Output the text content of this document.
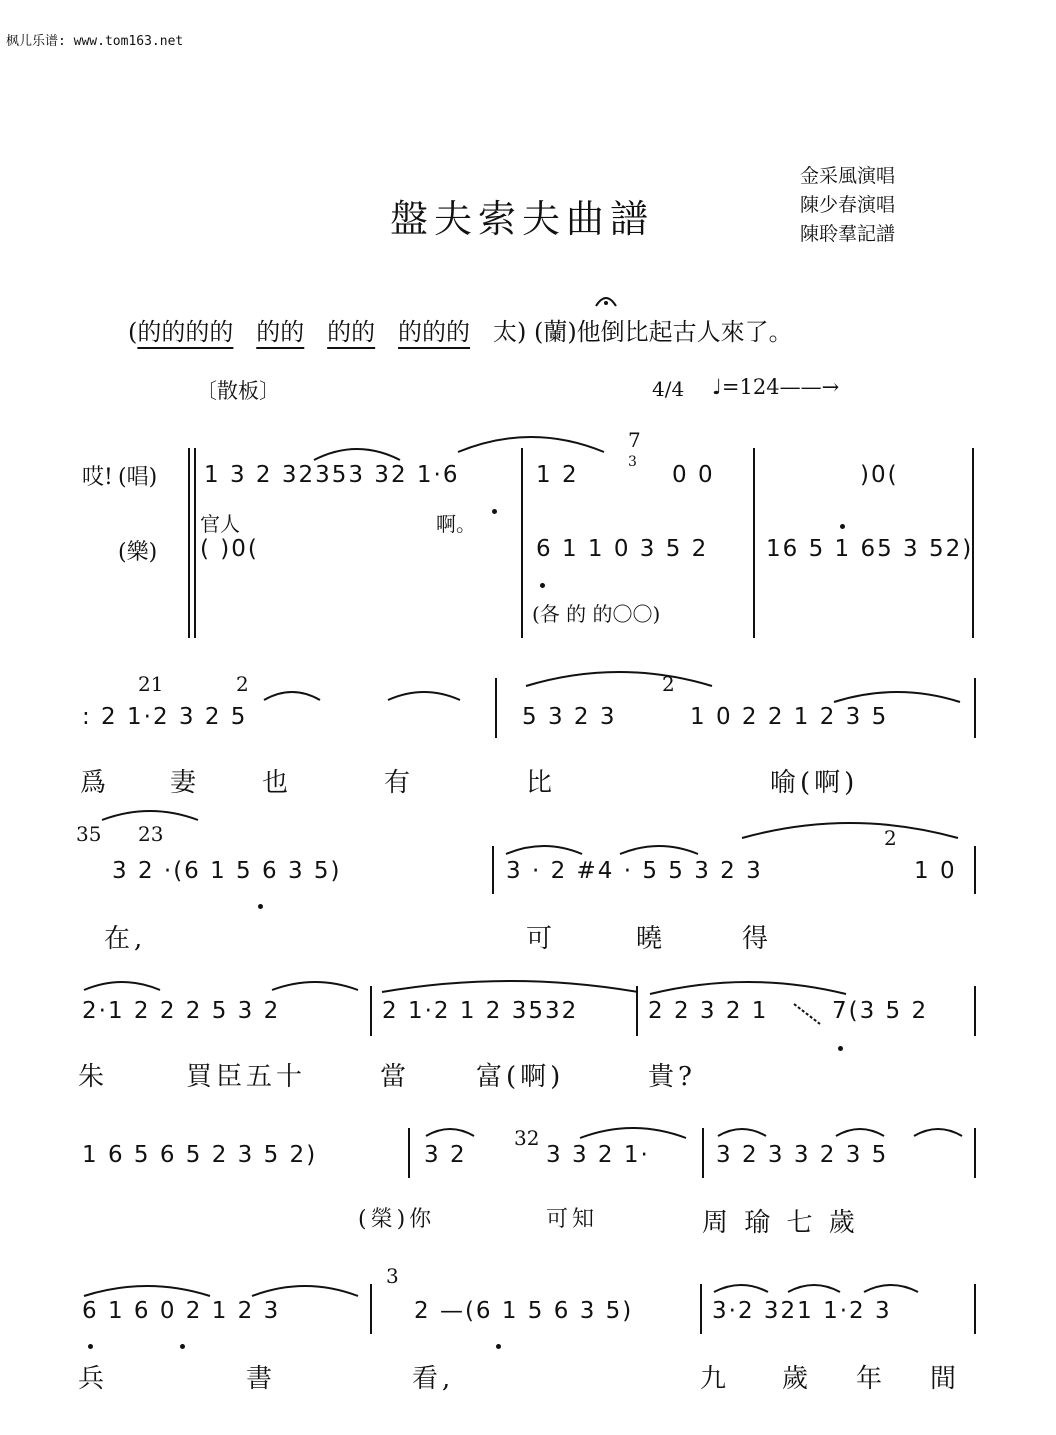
枫儿乐谱: www.tom163.net
盤夫索夫曲譜
金采風演唱
陳少春演唱
陳聆羣記譜
(的的的的 的的 的的 的的的 太) (蘭)他倒比起古人來了。
〔散板〕	4/4 ♩=124——→
哎! (唱)
(樂)
1 3 2 32353 32 1·6	1 2
7
3 0 0	)0(
官人	啊。
( )0(	6 1 1 0 3 5 2	16 5 1 65 3 52)
(各 的 的〇〇)
21	2
: 2 1·2 3 2 5	5 3 2 3
2
1 0 2 2 1 2 3 5
爲 妻 也	有	比	喻(啊)
35 23
3 2 ·(6 1 5 6 3 5)	3 · 2 #4 · 5 5 3 2 3
2
1 0
在,	可	曉	得
2·1 2 2 2 5 3 2	2 1·2 1 2 3532	2 2 3 2 1	7(3 5 2
朱	買臣五十	當	富(啊)	貴?
1 6 5 6 5 2 3 5 2)	3 2
32
3 3 2 1·	3 2 3 3 2 3 5
(榮)你	可知	周 瑜 七 歲
6 1 6 0 2 1 2 3
3
2 —(6 1 5 6 3 5)	3·2 321 1·2 3
兵	書	看,	九 歲 年 間
